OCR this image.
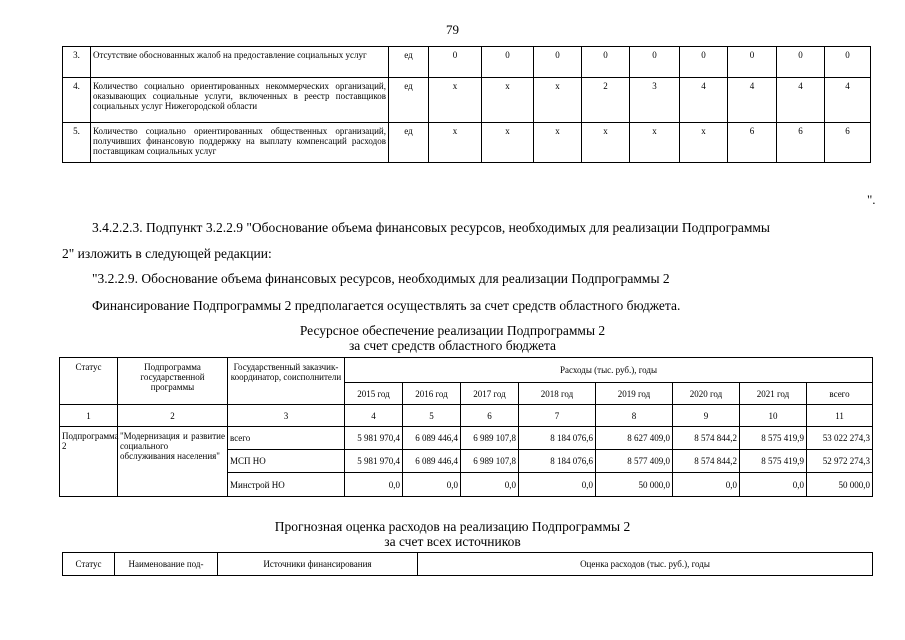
79
3.	Отсутствие обоснованных жалоб на предоставление социальных услуг	ед	0	0	0	0	0	0	0	0	0
4.	Количество социально ориентированных некоммерческих организаций, оказывающих социальные услуги, включенных в реестр поставщиков социальных услуг Нижегородской области	ед	х	х	х	2	3	4	4	4	4
5.	Количество социально ориентированных общественных организаций, получивших финансовую поддержку на выплату компенсаций расходов поставщикам социальных услуг	ед	х	х	х	х	х	х	6	6	6
".
3.4.2.2.3. Подпункт 3.2.2.9 "Обоснование объема финансовых ресурсов, необходимых для реализации Подпрограммы
2" изложить в следующей редакции:
"3.2.2.9. Обоснование объема финансовых ресурсов, необходимых для реализации Подпрограммы 2
Финансирование Подпрограммы 2 предполагается осуществлять за счет средств областного бюджета.
Ресурсное обеспечение реализации Подпрограммы 2
за счет средств областного бюджета
Статус	Подпрограмма государственной программы	Государственный заказчик-координатор, соисполнители	Расходы (тыс. руб.), годы							
			2015 год	2016 год	2017 год	2018 год	2019 год	2020 год	2021 год	всего
1	2	3	4	5	6	7	8	9	10	11
Подпрограмма 2	"Модернизация и развитие социального обслуживания населения"	всего	5 981 970,4	6 089 446,4	6 989 107,8	8 184 076,6	8 627 409,0	8 574 844,2	8 575 419,9	53 022 274,3
		МСП НО	5 981 970,4	6 089 446,4	6 989 107,8	8 184 076,6	8 577 409,0	8 574 844,2	8 575 419,9	52 972 274,3
		Минстрой НО	0,0	0,0	0,0	0,0	50 000,0	0,0	0,0	50 000,0
Прогнозная оценка расходов на реализацию Подпрограммы 2
за счет всех источников
Статус	Наименование под-	Источники финансирования	Оценка расходов (тыс. руб.), годы
